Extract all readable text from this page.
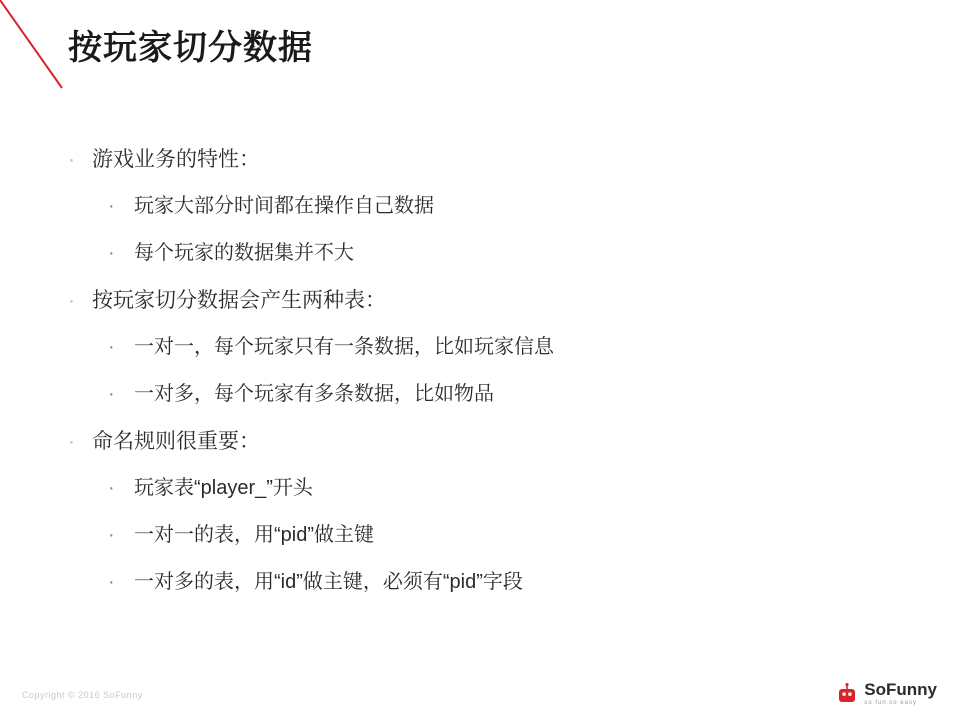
按玩家切分数据
· 游戏业务的特性：
· 玩家大部分时间都在操作自己数据
· 每个玩家的数据集并不大
· 按玩家切分数据会产生两种表：
· 一对一，每个玩家只有一条数据，比如玩家信息
· 一对多，每个玩家有多条数据，比如物品
· 命名规则很重要：
· 玩家表“player_”开头
· 一对一的表，用“pid”做主键
· 一对多的表，用“id”做主键，必须有“pid”字段
Copyright © 2016 SoFunny	SoFunny
so fun so easy
